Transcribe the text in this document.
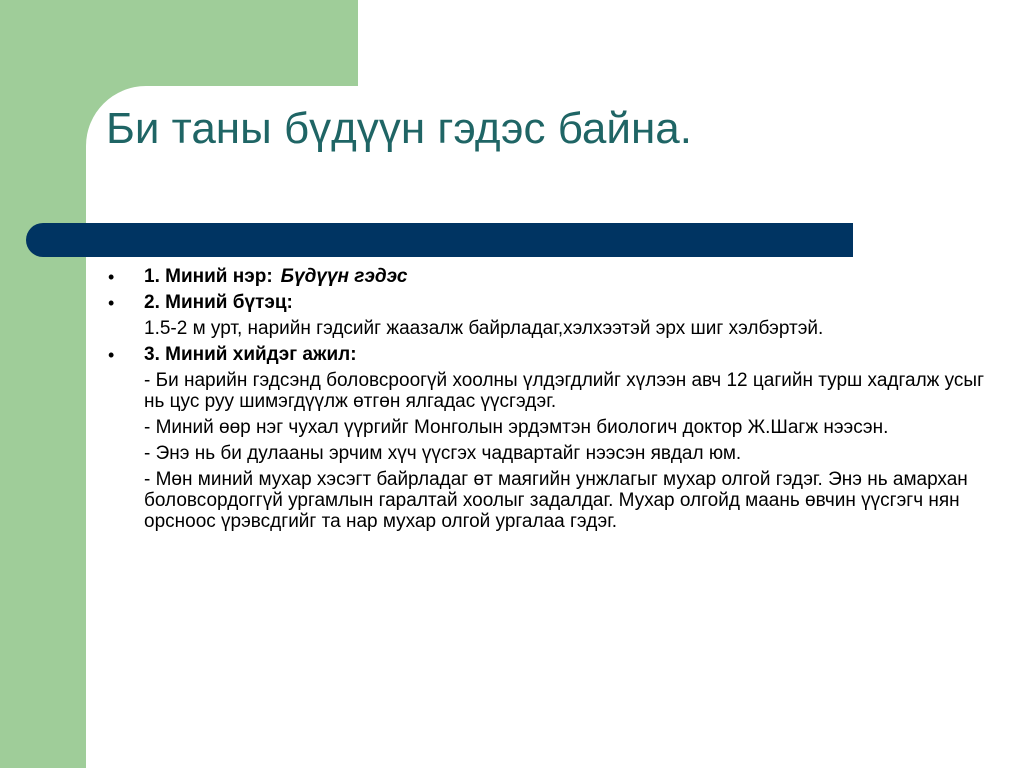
Би таны бүдүүн гэдэс байна.
• 1. Миний нэр: Бүдүүн гэдэс
• 2. Миний бүтэц:
1.5-2 м урт, нарийн гэдсийг жаазалж байрладаг,хэлхээтэй эрх шиг хэлбэртэй.
• 3. Миний хийдэг ажил:
- Би нарийн гэдсэнд боловсроогүй хоолны үлдэгдлийг хүлээн авч 12 цагийн турш хадгалж усыг нь цус руу шимэгдүүлж өтгөн ялгадас үүсгэдэг.
- Миний өөр нэг чухал үүргийг Монголын эрдэмтэн биологич доктор Ж.Шагж нээсэн.
- Энэ нь би дулааны эрчим хүч үүсгэх чадвартайг нээсэн явдал юм.
- Мөн миний мухар хэсэгт байрладаг өт маягийн унжлагыг мухар олгой гэдэг. Энэ нь амархан боловсордоггүй ургамлын гаралтай хоолыг задалдаг. Мухар олгойд маань өвчин үүсгэгч нян орсноос үрэвсдгийг та нар мухар олгой ургалаа гэдэг.
